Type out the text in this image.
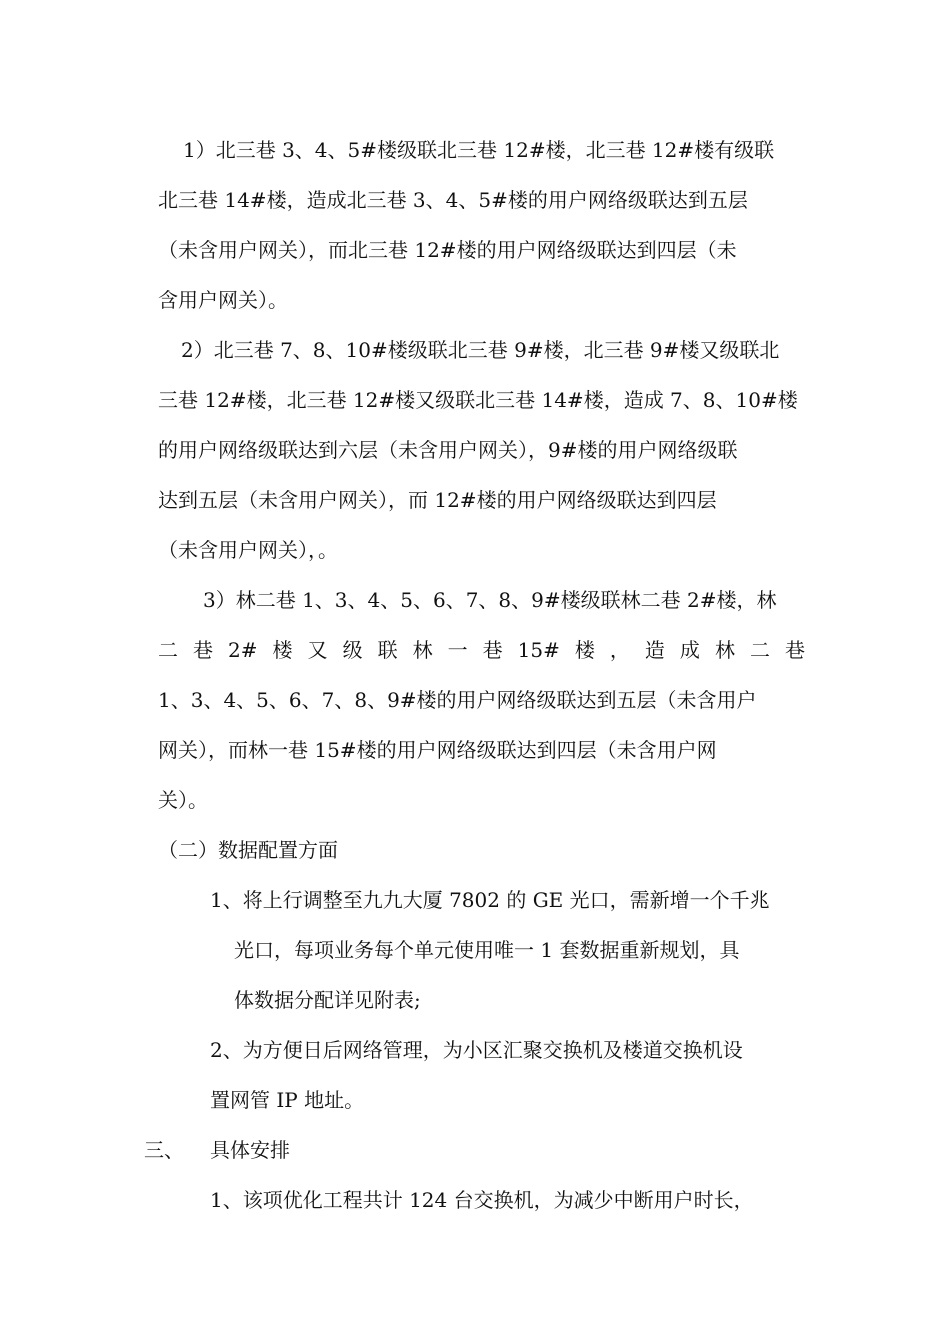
1）北三巷 3、4、5#楼级联北三巷 12#楼，北三巷 12#楼有级联
北三巷 14#楼，造成北三巷 3、4、5#楼的用户网络级联达到五层
（未含用户网关），而北三巷 12#楼的用户网络级联达到四层（未
含用户网关）。
2）北三巷 7、8、10#楼级联北三巷 9#楼，北三巷 9#楼又级联北
三巷 12#楼，北三巷 12#楼又级联北三巷 14#楼，造成 7、8、10#楼
的用户网络级联达到六层（未含用户网关），9#楼的用户网络级联
达到五层（未含用户网关），而 12#楼的用户网络级联达到四层
（未含用户网关），。
3）林二巷 1、3、4、5、6、7、8、9#楼级联林二巷 2#楼，林
二 巷 2# 楼 又 级 联 林 一 巷 15# 楼 ， 造 成 林 二 巷
1、3、4、5、6、7、8、9#楼的用户网络级联达到五层（未含用户
网关），而林一巷 15#楼的用户网络级联达到四层（未含用户网
关）。
（二）数据配置方面
1、将上行调整至九九大厦 7802 的 GE 光口，需新增一个千兆
光口，每项业务每个单元使用唯一 1 套数据重新规划，具
体数据分配详见附表;
2、为方便日后网络管理，为小区汇聚交换机及楼道交换机设
置网管 IP 地址。
三、 具体安排
1、该项优化工程共计 124 台交换机，为减少中断用户时长，
